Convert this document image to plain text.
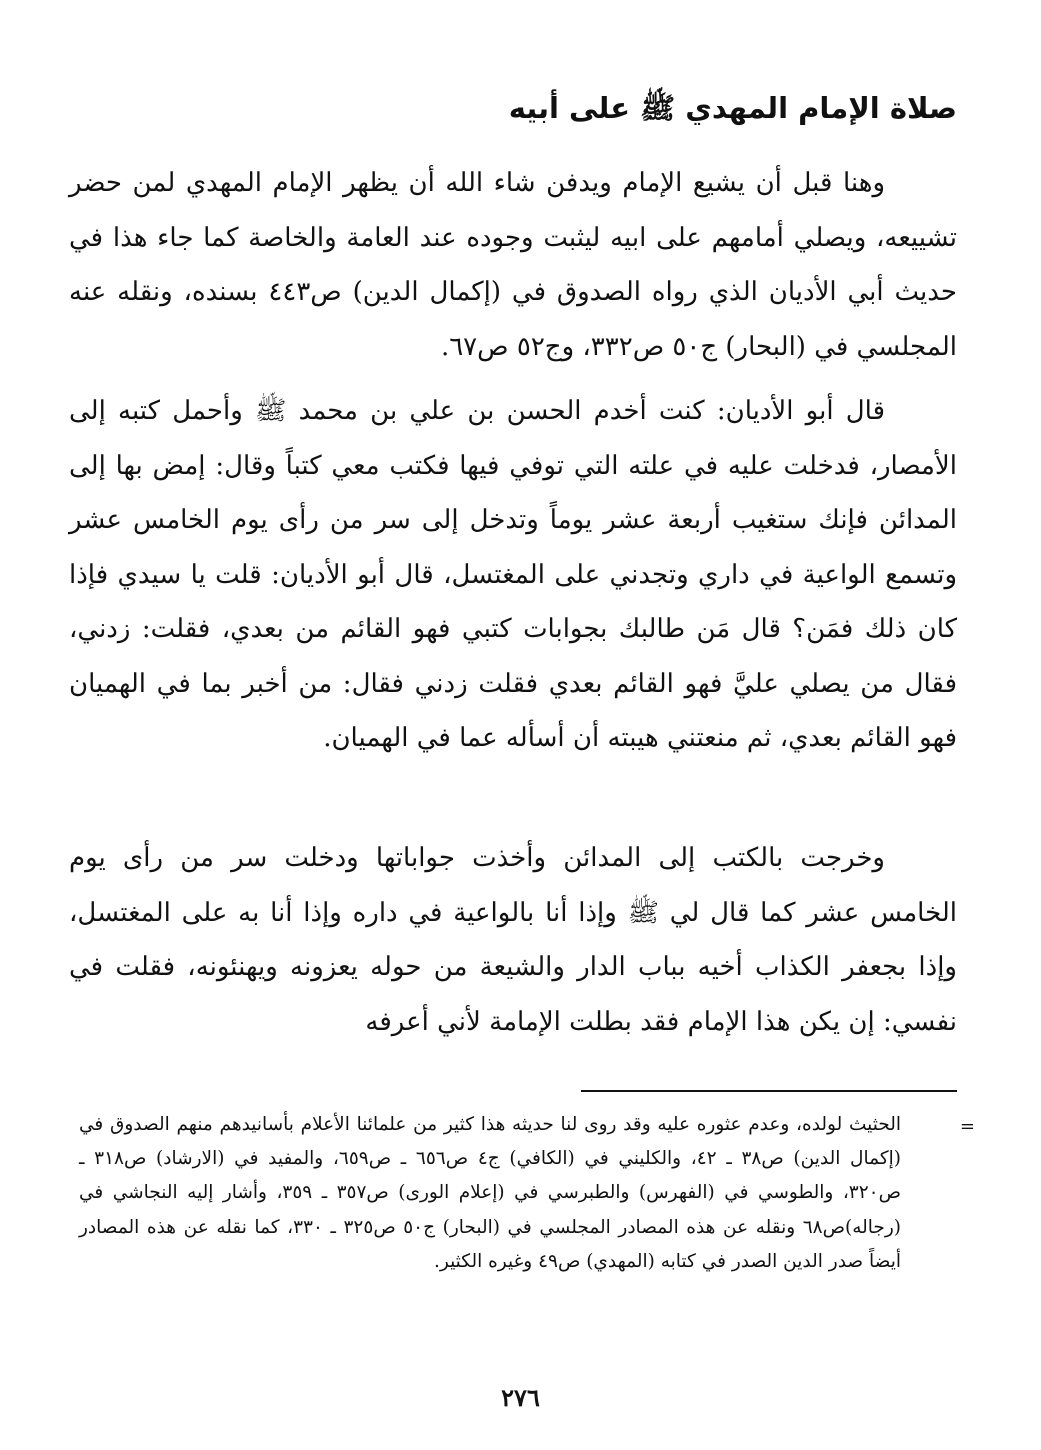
صلاة الإمام المهدي ﷺ على أبيه

وهنا قبل أن يشيع الإمام ويدفن شاء الله أن يظهر الإمام المهدي لمن حضر تشييعه، ويصلي أمامهم على ابيه ليثبت وجوده عند العامة والخاصة كما جاء هذا في حديث أبي الأديان الذي رواه الصدوق في (إكمال الدين) ص٤٤٣ بسنده، ونقله عنه المجلسي في (البحار) ج٥٠ ص٣٣٢، وج٥٢ ص٦٧.

قال أبو الأديان: كنت أخدم الحسن بن علي بن محمد ﷺ وأحمل كتبه إلى الأمصار، فدخلت عليه في علته التي توفي فيها فكتب معي كتباً وقال: إمض بها إلى المدائن فإنك ستغيب أربعة عشر يوماً وتدخل إلى سر من رأى يوم الخامس عشر وتسمع الواعية في داري وتجدني على المغتسل، قال أبو الأديان: قلت يا سيدي فإذا كان ذلك فمَن؟ قال مَن طالبك بجوابات كتبي فهو القائم من بعدي، فقلت: زدني، فقال من يصلي عليَّ فهو القائم بعدي فقلت زدني فقال: من أخبر بما في الهميان فهو القائم بعدي، ثم منعتني هيبته أن أسأله عما في الهميان.

وخرجت بالكتب إلى المدائن وأخذت جواباتها ودخلت سر من رأى يوم الخامس عشر كما قال لي ﷺ وإذا أنا بالواعية في داره وإذا أنا به على المغتسل، وإذا بجعفر الكذاب أخيه بباب الدار والشيعة من حوله يعزونه ويهنئونه، فقلت في نفسي: إن يكن هذا الإمام فقد بطلت الإمامة لأني أعرفه

=

الحثيث لولده، وعدم عثوره عليه وقد روى لنا حديثه هذا كثير من علمائنا الأعلام بأسانيدهم منهم الصدوق في (إكمال الدين) ص٣٨ ـ ٤٢، والكليني في (الكافي) ج٤ ص٦٥٦ ـ ص٦٥٩، والمفيد في (الارشاد) ص٣١٨ ـ ص٣٢٠، والطوسي في (الفهرس) والطبرسي في (إعلام الورى) ص٣٥٧ ـ ٣٥٩، وأشار إليه النجاشي في (رجاله)ص٦٨ ونقله عن هذه المصادر المجلسي في (البحار) ج٥٠ ص٣٢٥ ـ ٣٣٠، كما نقله عن هذه المصادر أيضاً صدر الدين الصدر في كتابه (المهدي) ص٤٩ وغيره الكثير.

٢٧٦
